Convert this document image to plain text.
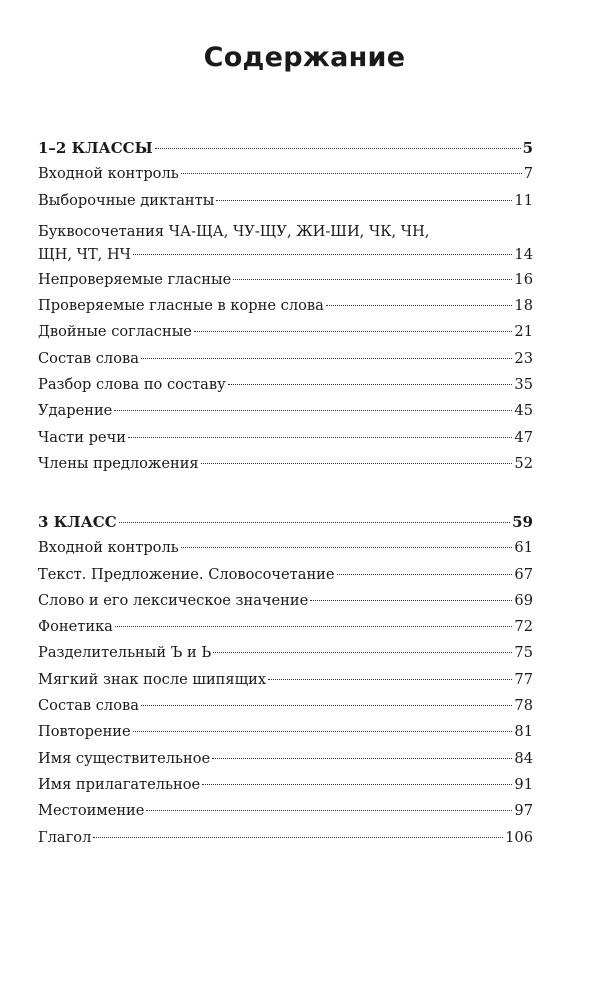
Содержание
1–2 КЛАССЫ	5
Входной контроль	7
Выборочные диктанты	11
Буквосочетания ЧА-ЩА, ЧУ-ЩУ, ЖИ-ШИ, ЧК, ЧН,
ЩН, ЧТ, НЧ	14
Непроверяемые гласные	16
Проверяемые гласные в корне слова	18
Двойные согласные	21
Состав слова	23
Разбор слова по составу	35
Ударение	45
Части речи	47
Члены предложения	52
3 КЛАСС	59
Входной контроль	61
Текст. Предложение. Словосочетание	67
Слово и его лексическое значение	69
Фонетика	72
Разделительный Ъ и Ь	75
Мягкий знак после шипящих	77
Состав слова	78
Повторение	81
Имя существительное	84
Имя прилагательное	91
Местоимение	97
Глагол	106
